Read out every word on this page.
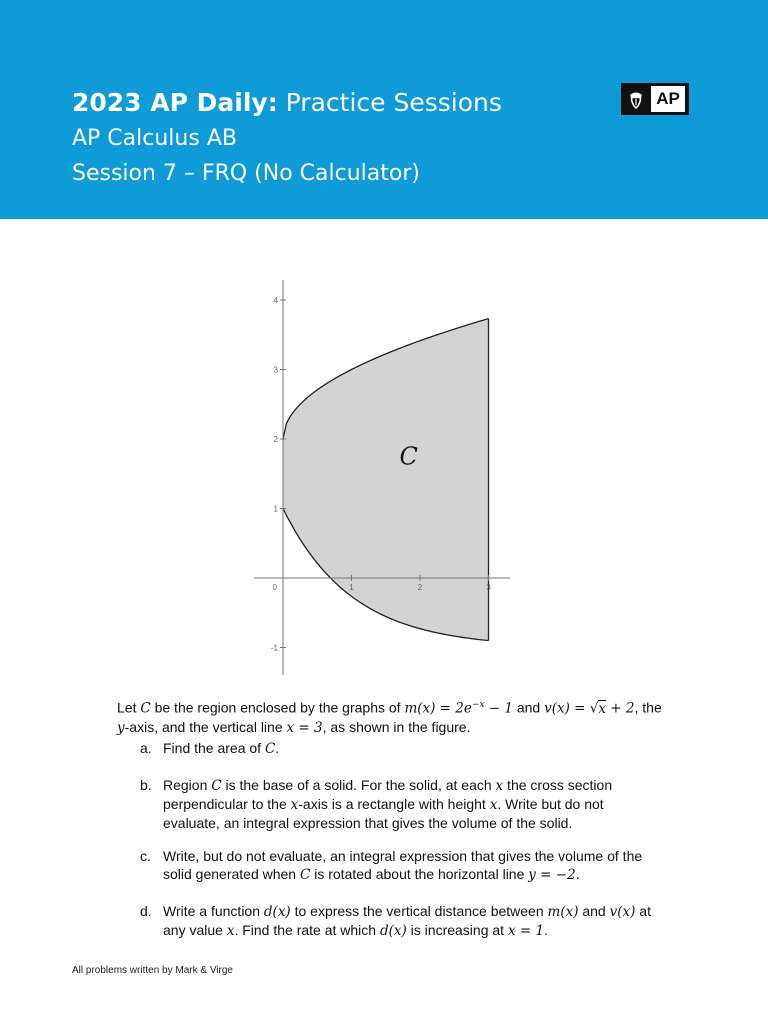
2023 AP Daily: Practice Sessions
AP Calculus AB
Session 7 – FRQ (No Calculator)
AP
1	2	3
4
3
2
1
-1
0
C

Let C be the region enclosed by the graphs of $m(x) = 2e^{-x} - 1$ and v(x) = √x + 2, the

y-axis, and the vertical line x = 3, as shown in the figure.

a. Find the area of C.
b. Region C is the base of a solid. For the solid, at each x the cross section
perpendicular to the x-axis is a rectangle with height x. Write but do not
evaluate, an integral expression that gives the volume of the solid.
c. Write, but do not evaluate, an integral expression that gives the volume of the
solid generated when C is rotated about the horizontal line y = −2.
d. Write a function d(x) to express the vertical distance between m(x) and v(x) at
any value x. Find the rate at which d(x) is increasing at x = 1.
All problems written by Mark & Virge
